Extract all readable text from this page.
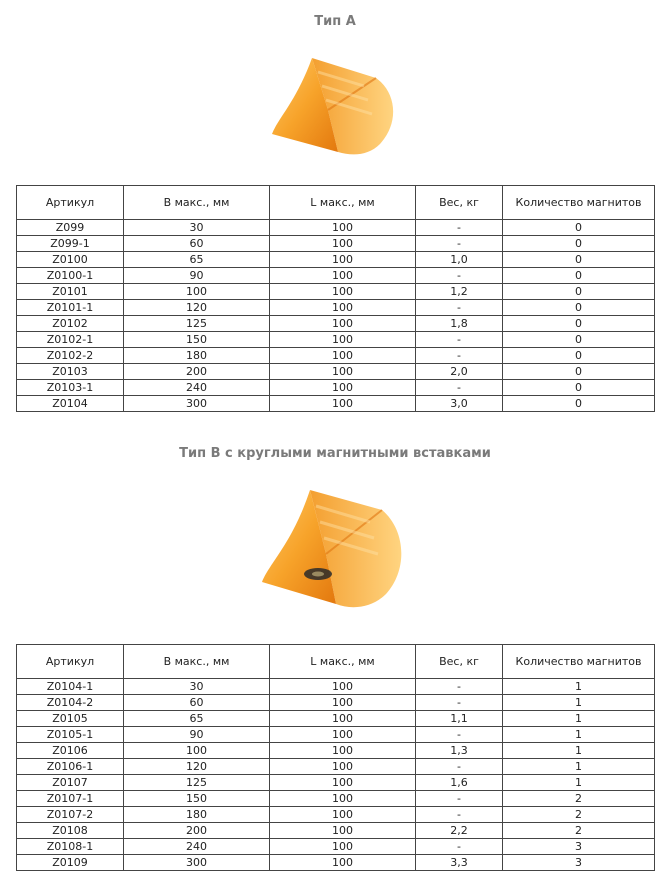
Тип А
Артикул	B макс., мм	L макс., мм	Вес, кг	Количество магнитов
Z099	30	100	-	0
Z099-1	60	100	-	0
Z0100	65	100	1,0	0
Z0100-1	90	100	-	0
Z0101	100	100	1,2	0
Z0101-1	120	100	-	0
Z0102	125	100	1,8	0
Z0102-1	150	100	-	0
Z0102-2	180	100	-	0
Z0103	200	100	2,0	0
Z0103-1	240	100	-	0
Z0104	300	100	3,0	0
Тип В с круглыми магнитными вставками
Артикул	B макс., мм	L макс., мм	Вес, кг	Количество магнитов
Z0104-1	30	100	-	1
Z0104-2	60	100	-	1
Z0105	65	100	1,1	1
Z0105-1	90	100	-	1
Z0106	100	100	1,3	1
Z0106-1	120	100	-	1
Z0107	125	100	1,6	1
Z0107-1	150	100	-	2
Z0107-2	180	100	-	2
Z0108	200	100	2,2	2
Z0108-1	240	100	-	3
Z0109	300	100	3,3	3
